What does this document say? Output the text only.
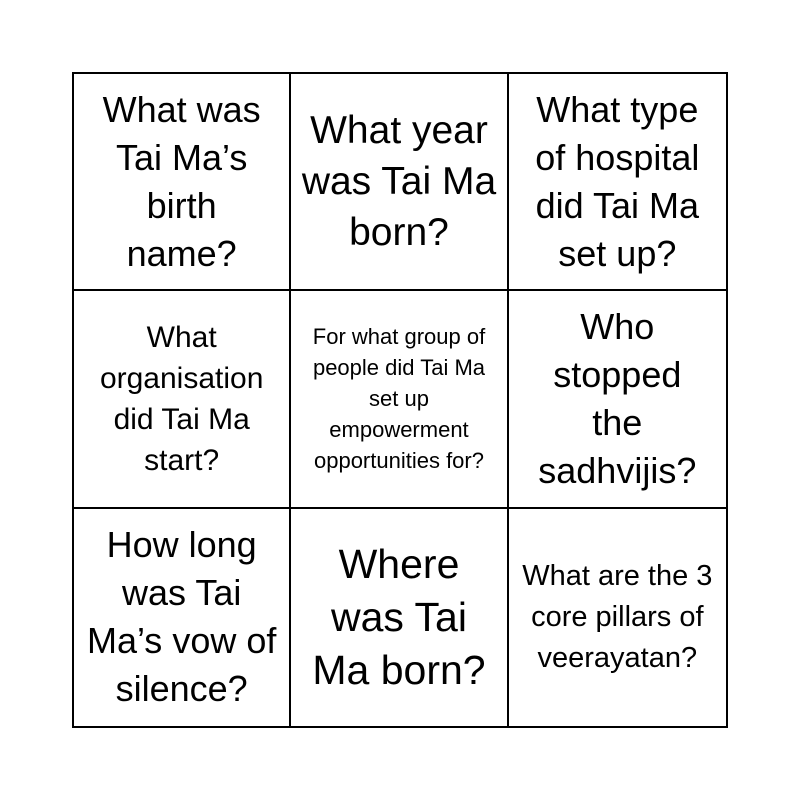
What was Tai Ma’s birth name?
What year was Tai Ma born?
What type of hospital did Tai Ma set up?
What organisation did Tai Ma start?
For what group of people did Tai Ma set up empowerment opportunities for?
Who stopped the sadhvijis?
How long was Tai Ma’s vow of silence?
Where was Tai Ma born?
What are the 3 core pillars of veerayatan?
